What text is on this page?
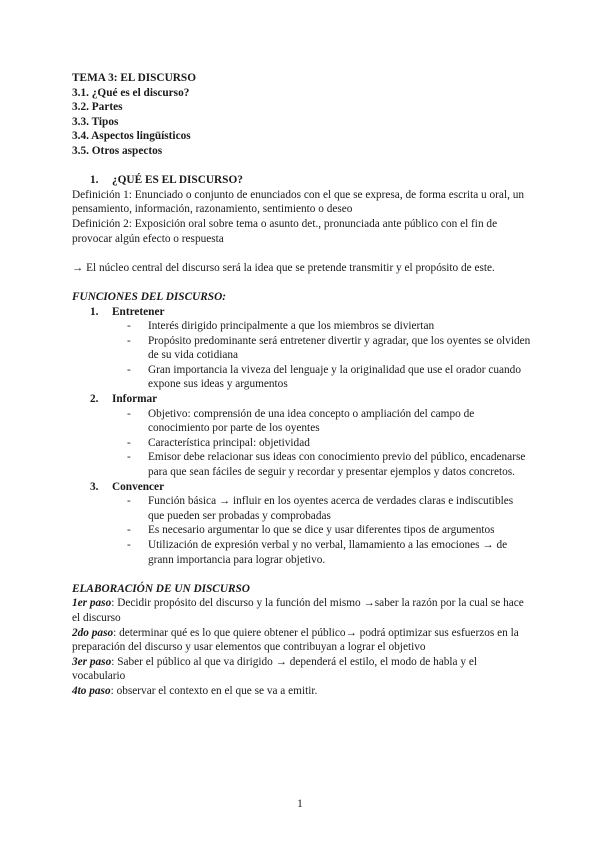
TEMA 3: EL DISCURSO

3.1. ¿Qué es el discurso?

3.2. Partes

3.3. Tipos

3.4. Aspectos lingüísticos

3.5. Otros aspectos

1. ¿QUÉ ES EL DISCURSO?

Definición 1: Enunciado o conjunto de enunciados con el que se expresa, de forma escrita u oral, un pensamiento, información, razonamiento, sentimiento o deseo

Definición 2: Exposición oral sobre tema o asunto det., pronunciada ante público con el fin de provocar algún efecto o respuesta

→ El núcleo central del discurso será la idea que se pretende transmitir y el propósito de este.

FUNCIONES DEL DISCURSO:

1. Entretener

- Interés dirigido principalmente a que los miembros se diviertan

- Propósito predominante será entretener divertir y agradar, que los oyentes se olviden de su vida cotidiana

- Gran importancia la viveza del lenguaje y la originalidad que use el orador cuando expone sus ideas y argumentos

2. Informar

- Objetivo: comprensión de una idea concepto o ampliación del campo de conocimiento por parte de los oyentes

- Característica principal: objetividad

- Emisor debe relacionar sus ideas con conocimiento previo del público, encadenarse para que sean fáciles de seguir y recordar y presentar ejemplos y datos concretos.

3. Convencer

- Función básica → influir en los oyentes acerca de verdades claras e indiscutibles que pueden ser probadas y comprobadas

- Es necesario argumentar lo que se dice y usar diferentes tipos de argumentos

- Utilización de expresión verbal y no verbal, llamamiento a las emociones → de grann importancia para lograr objetivo.

ELABORACIÓN DE UN DISCURSO

1er paso: Decidir propósito del discurso y la función del mismo →saber la razón por la cual se hace el discurso

2do paso: determinar qué es lo que quiere obtener el público→ podrá optimizar sus esfuerzos en la preparación del discurso y usar elementos que contribuyan a lograr el objetivo

3er paso: Saber el público al que va dirigido → dependerá el estilo, el modo de habla y el vocabulario

4to paso: observar el contexto en el que se va a emitir.

1
